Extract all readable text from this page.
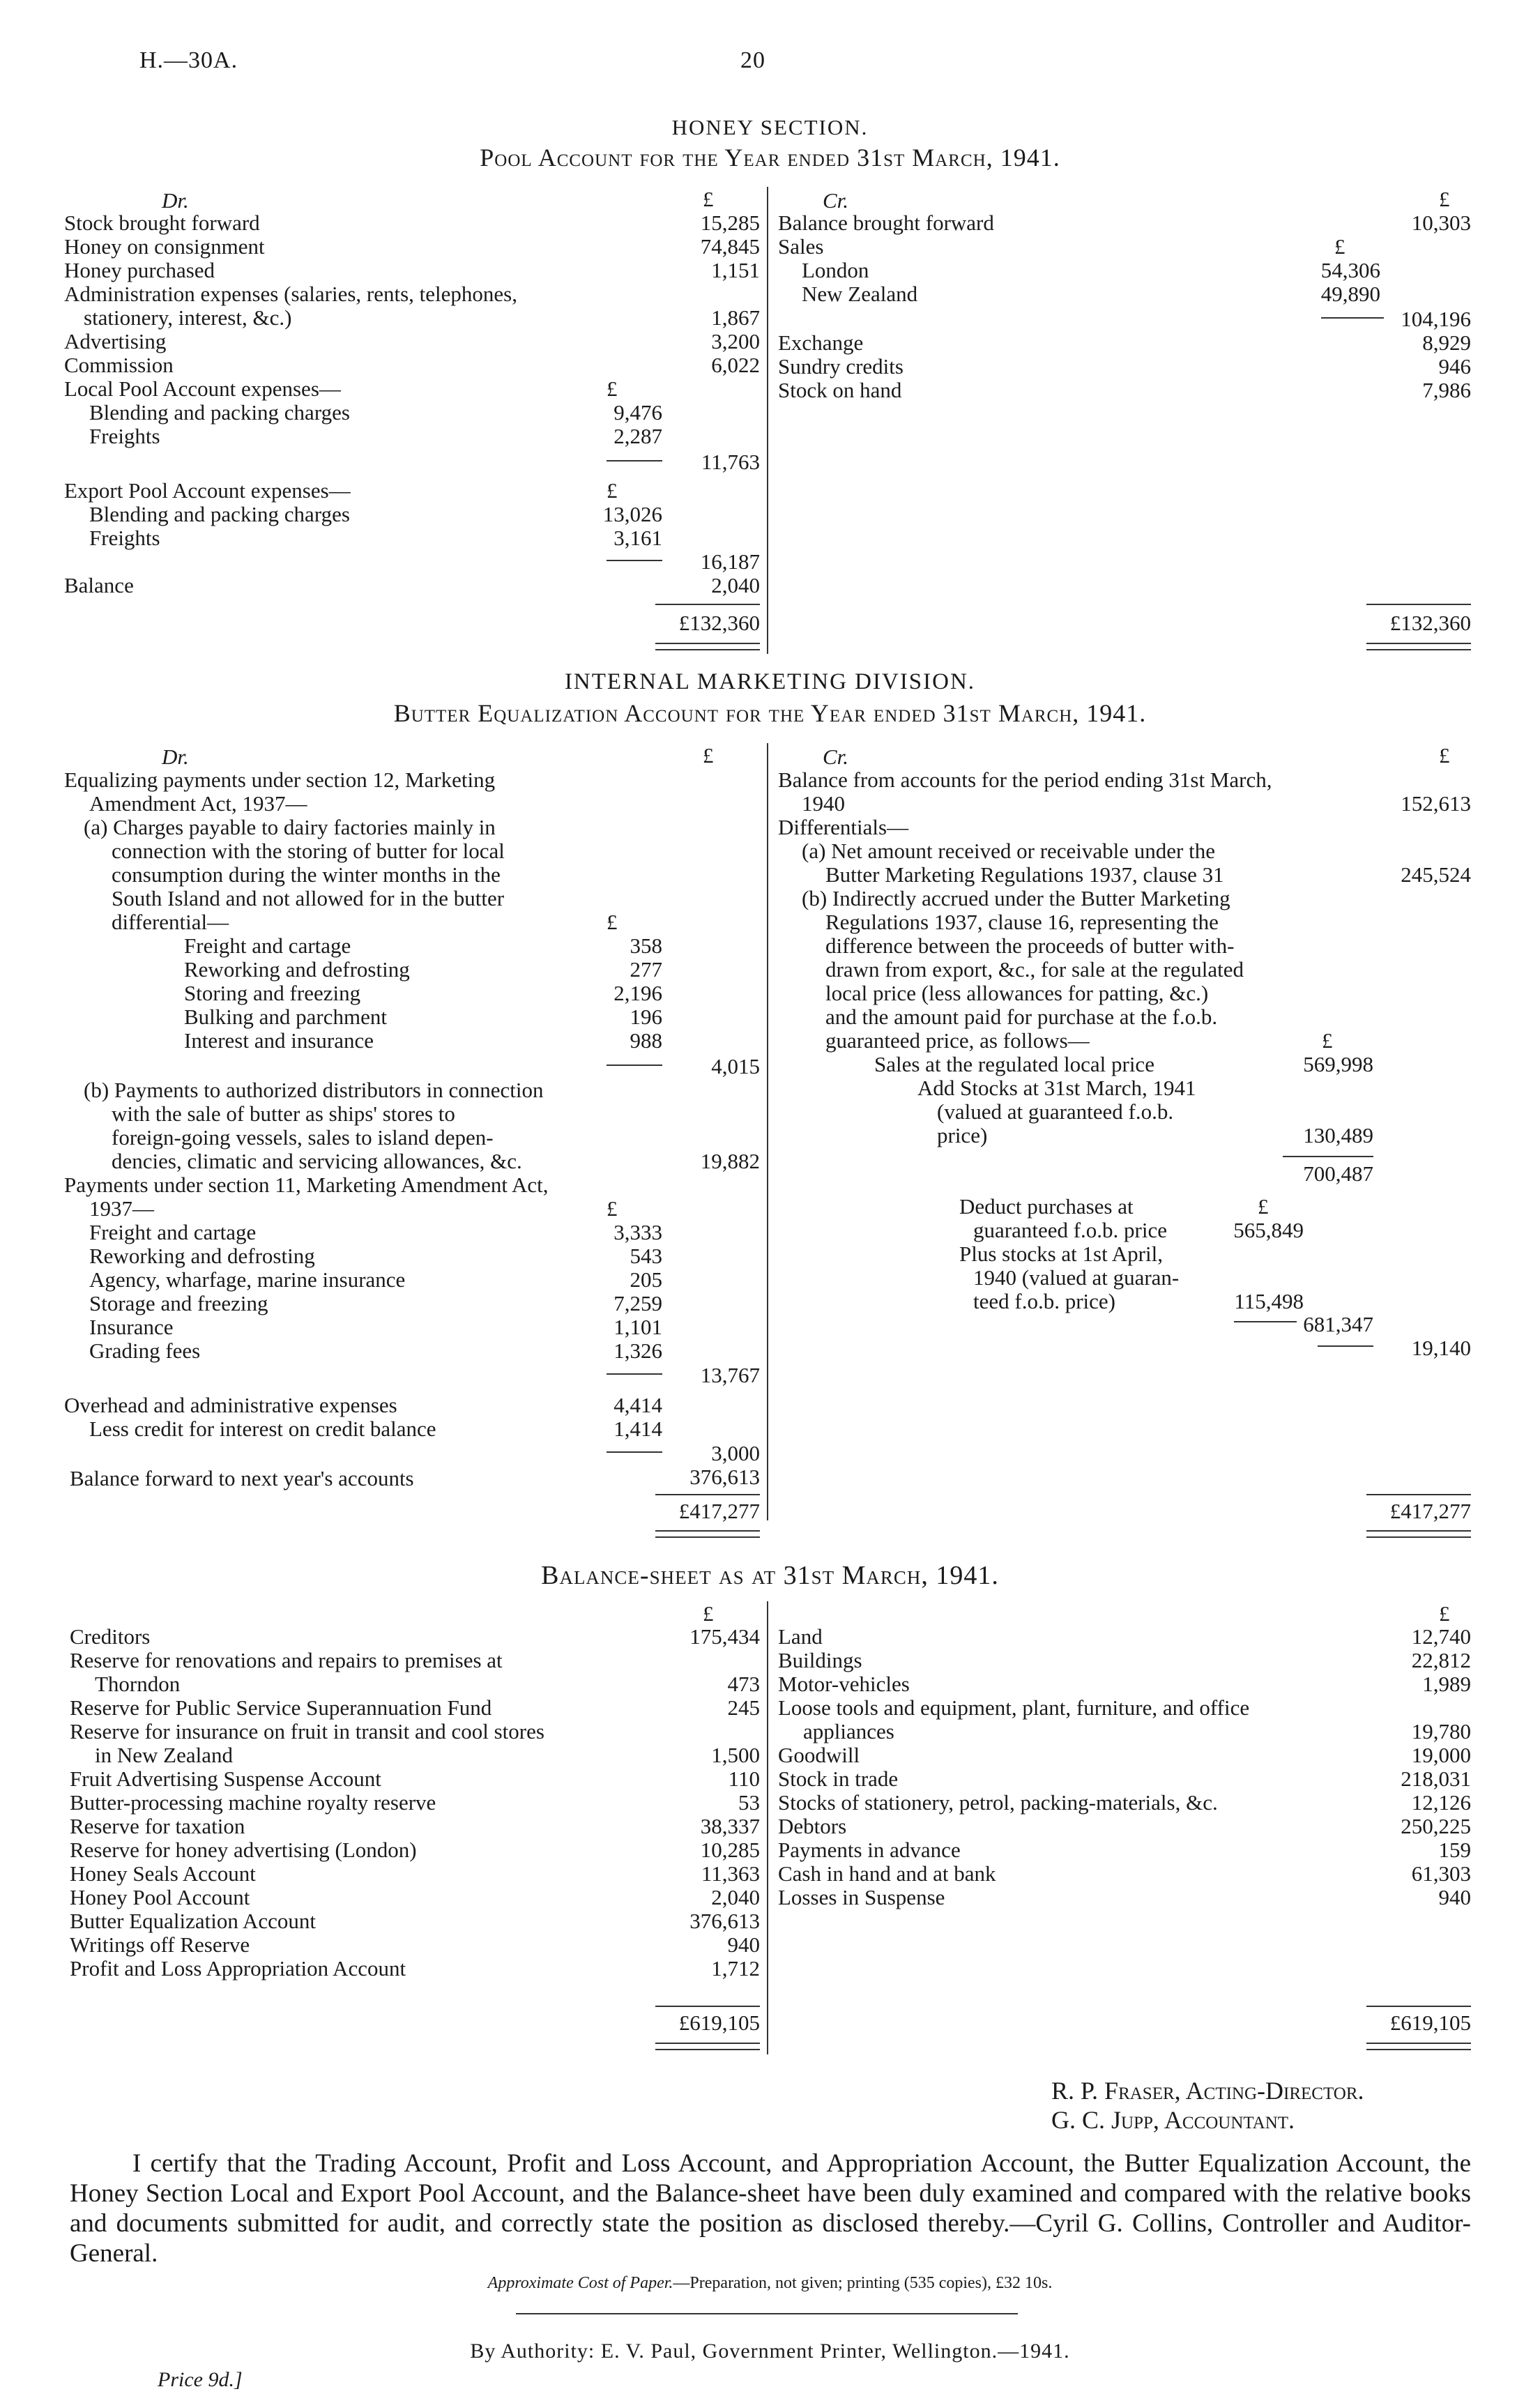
H.—30A.	20
HONEY SECTION.
Pool Account for the Year ended 31st March, 1941.
Dr.	£	Cr.	£
Stock brought forward	15,285
Honey on consignment	74,845
Honey purchased	1,151
Administration expenses (salaries, rents, telephones,
stationery, interest, &c.)	1,867
Advertising	3,200
Commission	6,022
Local Pool Account expenses—	£
Blending and packing charges	9,476
Freights	2,287
11,763
Export Pool Account expenses—	£
Blending and packing charges	13,026
Freights	3,161
16,187
Balance	2,040
£132,360
Balance brought forward	10,303
Sales	£
London	54,306
New Zealand	49,890
104,196
Exchange	8,929
Sundry credits	946
Stock on hand	7,986
£132,360
INTERNAL MARKETING DIVISION.
Butter Equalization Account for the Year ended 31st March, 1941.
Dr.	£	Cr.	£
Equalizing payments under section 12, Marketing
Amendment Act, 1937—
(a) Charges payable to dairy factories mainly in
connection with the storing of butter for local
consumption during the winter months in the
South Island and not allowed for in the butter
differential—	£
Freight and cartage	358
Reworking and defrosting	277
Storing and freezing	2,196
Bulking and parchment	196
Interest and insurance	988
4,015
(b) Payments to authorized distributors in connection
with the sale of butter as ships' stores to
foreign-going vessels, sales to island depen-
dencies, climatic and servicing allowances, &c.	19,882
Payments under section 11, Marketing Amendment Act,
1937—	£
Freight and cartage	3,333
Reworking and defrosting	543
Agency, wharfage, marine insurance	205
Storage and freezing	7,259
Insurance	1,101
Grading fees	1,326
13,767
Overhead and administrative expenses	4,414
Less credit for interest on credit balance	1,414
3,000
Balance forward to next year's accounts	376,613
£417,277
Balance from accounts for the period ending 31st March,
1940	152,613
Differentials—
(a) Net amount received or receivable under the
Butter Marketing Regulations 1937, clause 31	245,524
(b) Indirectly accrued under the Butter Marketing
Regulations 1937, clause 16, representing the
difference between the proceeds of butter with-
drawn from export, &c., for sale at the regulated
local price (less allowances for patting, &c.)
and the amount paid for purchase at the f.o.b.
guaranteed price, as follows—	£
Sales at the regulated local price	569,998
Add Stocks at 31st March, 1941
(valued at guaranteed f.o.b.
price)	130,489
700,487
Deduct purchases at	£
guaranteed f.o.b. price	565,849
Plus stocks at 1st April,
1940 (valued at guaran-
teed f.o.b. price)	115,498
681,347
19,140
£417,277
Balance-sheet as at 31st March, 1941.
£	£
Creditors	175,434
Reserve for renovations and repairs to premises at
Thorndon	473
Reserve for Public Service Superannuation Fund	245
Reserve for insurance on fruit in transit and cool stores
in New Zealand	1,500
Fruit Advertising Suspense Account	110
Butter-processing machine royalty reserve	53
Reserve for taxation	38,337
Reserve for honey advertising (London)	10,285
Honey Seals Account	11,363
Honey Pool Account	2,040
Butter Equalization Account	376,613
Writings off Reserve	940
Profit and Loss Appropriation Account	1,712
Land	12,740
Buildings	22,812
Motor-vehicles	1,989
Loose tools and equipment, plant, furniture, and office
appliances	19,780
Goodwill	19,000
Stock in trade	218,031
Stocks of stationery, petrol, packing-materials, &c.	12,126
Debtors	250,225
Payments in advance	159
Cash in hand and at bank	61,303
Losses in Suspense	940
£619,105	£619,105
R. P. Fraser, Acting-Director.
G. C. Jupp, Accountant.
I certify that the Trading Account, Profit and Loss Account, and Appropriation Account, the Butter Equalization Account, the Honey Section Local and Export Pool Account, and the Balance-sheet have been duly examined and compared with the relative books and documents submitted for audit, and correctly state the position as disclosed thereby.—Cyril G. Collins, Controller and Auditor-General.
Approximate Cost of Paper.—Preparation, not given; printing (535 copies), £32 10s.
By Authority: E. V. Paul, Government Printer, Wellington.—1941.
Price 9d.]
